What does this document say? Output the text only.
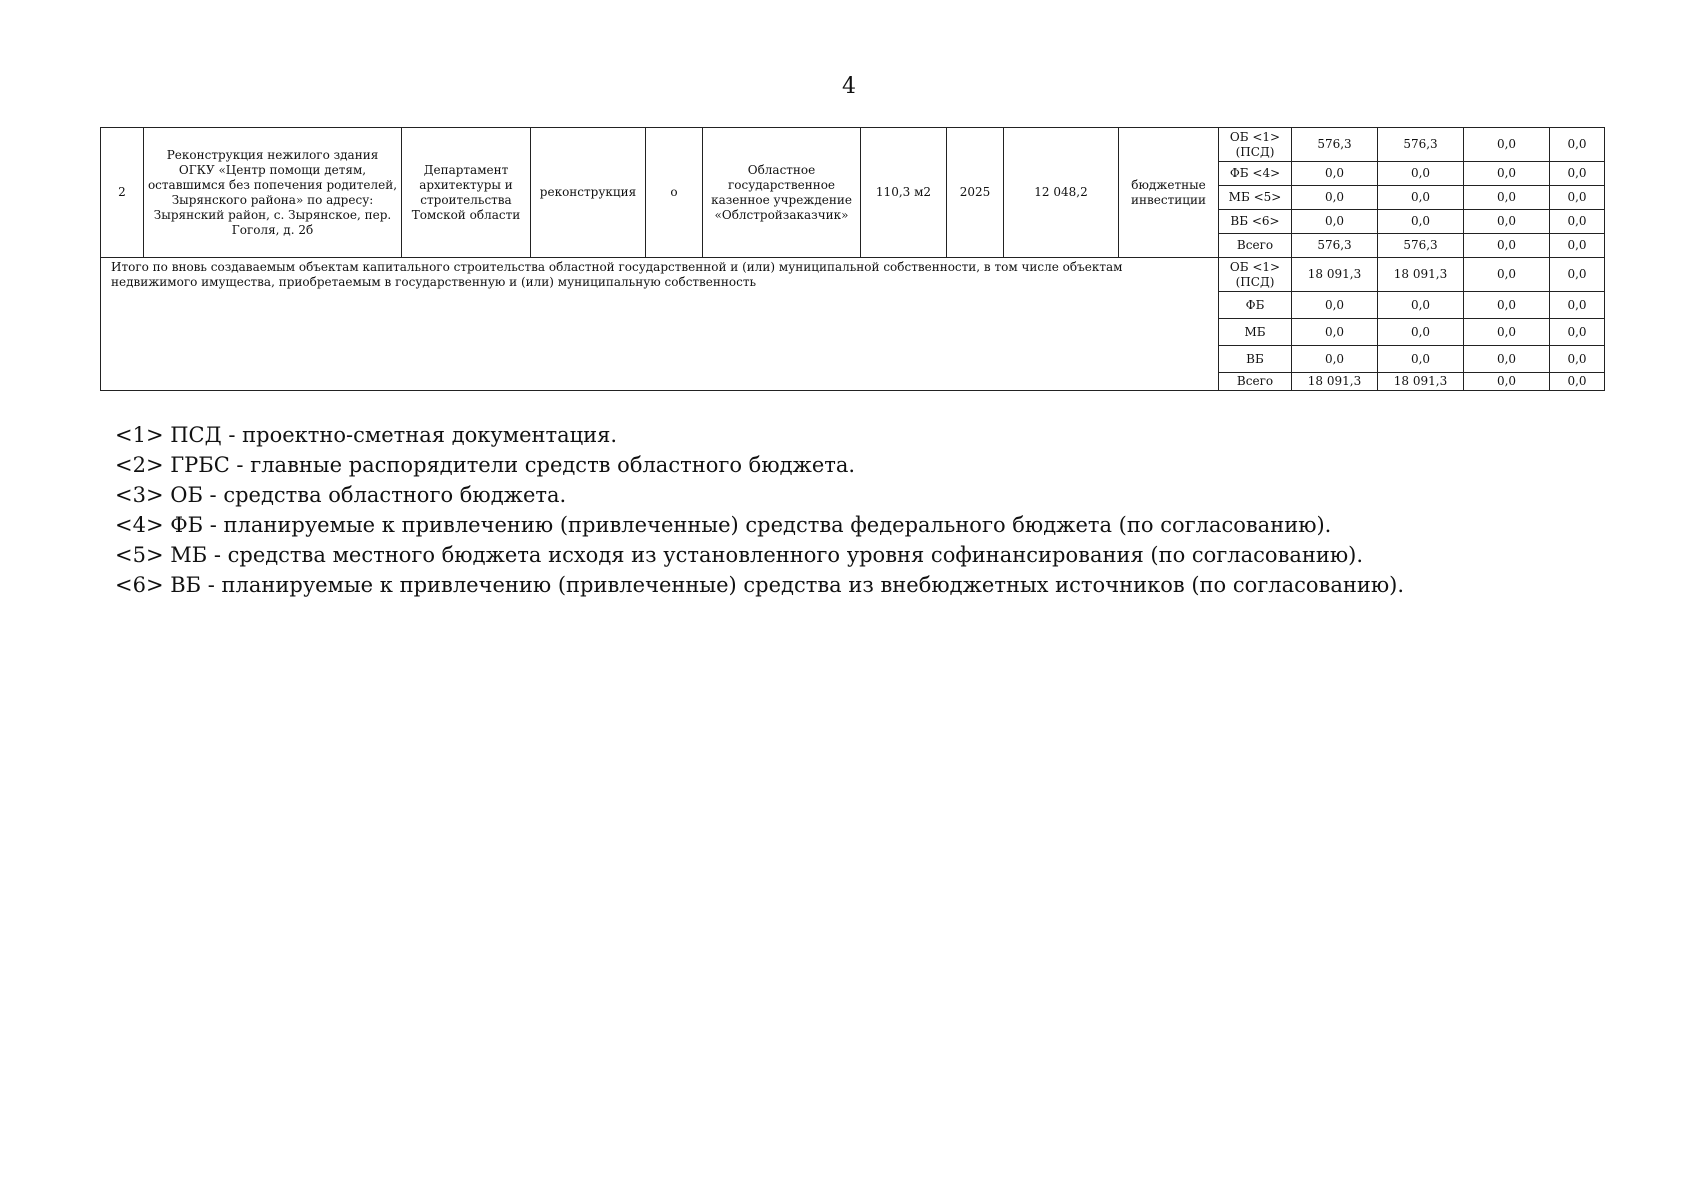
4
2	Реконструкция нежилого здания ОГКУ «Центр помощи детям, оставшимся без попечения родителей, Зырянского района» по адресу: Зырянский район, с. Зырянское, пер. Гоголя, д. 2б	Департамент архитектуры и строительства Томской области	реконструкция	о	Областное государственное казенное учреждение «Облстройзаказчик»	110,3 м2	2025	12 048,2	бюджетные инвестиции	ОБ <1> (ПСД)	576,3	576,3	0,0	0,0
										ФБ <4>	0,0	0,0	0,0	0,0
										МБ <5>	0,0	0,0	0,0	0,0
										ВБ <6>	0,0	0,0	0,0	0,0
										Всего	576,3	576,3	0,0	0,0
Итого по вновь создаваемым объектам капитального строительства областной государственной и (или) муниципальной собственности, в том числе объектам недвижимого имущества, приобретаемым в государственную и (или) муниципальную собственность										ОБ <1> (ПСД)	18 091,3	18 091,3	0,0	0,0
										ФБ	0,0	0,0	0,0	0,0
										МБ	0,0	0,0	0,0	0,0
										ВБ	0,0	0,0	0,0	0,0
										Всего	18 091,3	18 091,3	0,0	0,0
<1> ПСД - проектно-сметная документация.
<2> ГРБС - главные распорядители средств областного бюджета.
<3> ОБ - средства областного бюджета.
<4> ФБ - планируемые к привлечению (привлеченные) средства федерального бюджета (по согласованию).
<5> МБ - средства местного бюджета исходя из установленного уровня софинансирования (по согласованию).
<6> ВБ - планируемые к привлечению (привлеченные) средства из внебюджетных источников (по согласованию).
